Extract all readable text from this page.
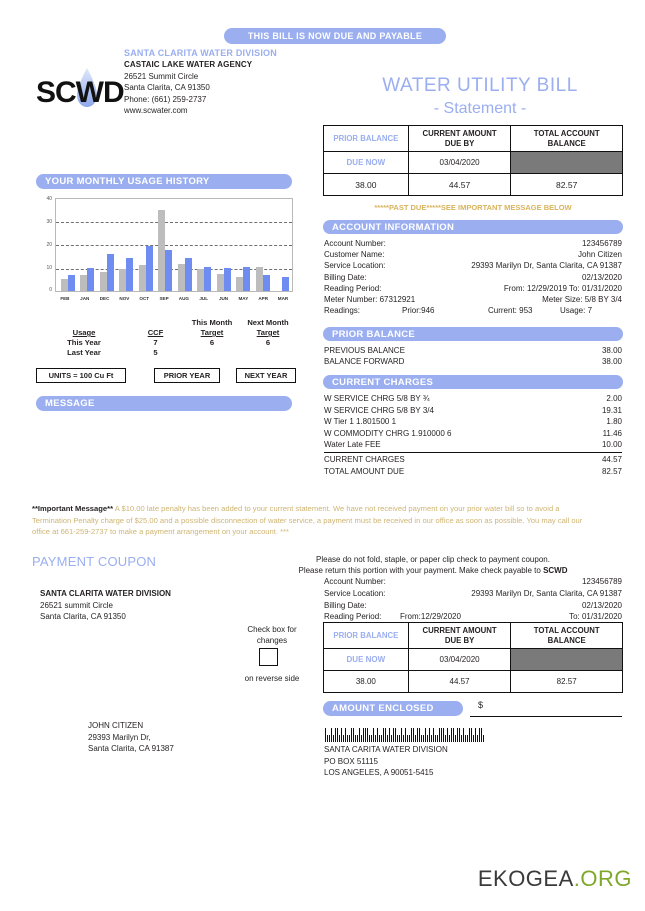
THIS BILL IS NOW DUE AND PAYABLE
SCWD
SANTA CLARITA WATER DIVISION
CASTAIC LAKE WATER AGENCY
26521 Summit Circle
Santa Clarita, CA 91350
Phone: (661) 259-2737
www.scwater.com
WATER UTILITY BILL
- Statement -
PRIOR BALANCE	
CURRENT AMOUNT
DUE BY

TOTAL ACCOUNT
BALANCE

DUE NOW	03/04/2020	
38.00	44.57	82.57
*****PAST DUE*****SEE IMPORTANT MESSAGE BELOW
ACCOUNT INFORMATION
Account Number:	123456789
Customer Name:	John Citizen
Service Location:	29393 Marilyn Dr, Santa Clarita, CA 91387
Billing Date:	02/13/2020
Reading Period:	From: 12/29/2019 To: 01/31/2020
Meter Number: 67312921	Meter Size: 5/8 BY 3/4
Readings:	Prior:946	Current: 953	Usage: 7
PRIOR BALANCE
PREVIOUS BALANCE	38.00
BALANCE FORWARD	38.00
CURRENT CHARGES
W SERVICE CHRG 5/8 BY ¾	2.00
W SERVICE CHRG 5/8 BY 3/4	19.31
W Tier 1 1.801500 1	1.80
W COMMODITY CHRG 1.910000 6	11.46
Water Late FEE	10.00
CURRENT CHARGES	44.57
TOTAL AMOUNT DUE	82.57
YOUR MONTHLY USAGE HISTORY
40
30
20
10
0
FEB	JAN	DEC	NOV	OCT	SEP	AUG	JUL	JUN	MAY	APR	MAR
This Month	Next Month
Usage	CCF	Target	Target
This Year	7	6	6
Last Year	5
UNITS = 100 Cu Ft	PRIOR YEAR	NEXT YEAR
MESSAGE
**Important Message** A $10.00 late penalty has been added to your current statement. We have not received payment on your prior water bill so to avoid a Termination Penalty charge of $25.00 and a possible disconnection of water service, a payment must be received in our office as soon as possible. You may call our office at 661-259-2737 to make a payment arrangement on your account. ***
PAYMENT COUPON	Please do not fold, staple, or paper clip check to payment coupon.
Please return this portion with your payment. Make check payable to SCWD
SANTA CLARITA WATER DIVISION
26521 summit Circle
Santa Clarita, CA 91350
Account Number:	123456789
Service Location:	29393 Marilyn Dr, Santa Clarita, CA 91387
Billing Date:	02/13/2020
Reading Period:	From:12/29/2020	To: 01/31/2020
Check box for
changes
on reverse side
PRIOR BALANCE	
CURRENT AMOUNT
DUE BY

TOTAL ACCOUNT
BALANCE

DUE NOW	03/04/2020	
38.00	44.57	82.57
AMOUNT ENCLOSED	$
SANTA CARITA WATER DIVISION
PO BOX 51115
LOS ANGELES, A 90051-5415
JOHN CITIZEN
29393 Marilyn Dr,
Santa Clarita, CA 91387
EKOGEA.ORG
